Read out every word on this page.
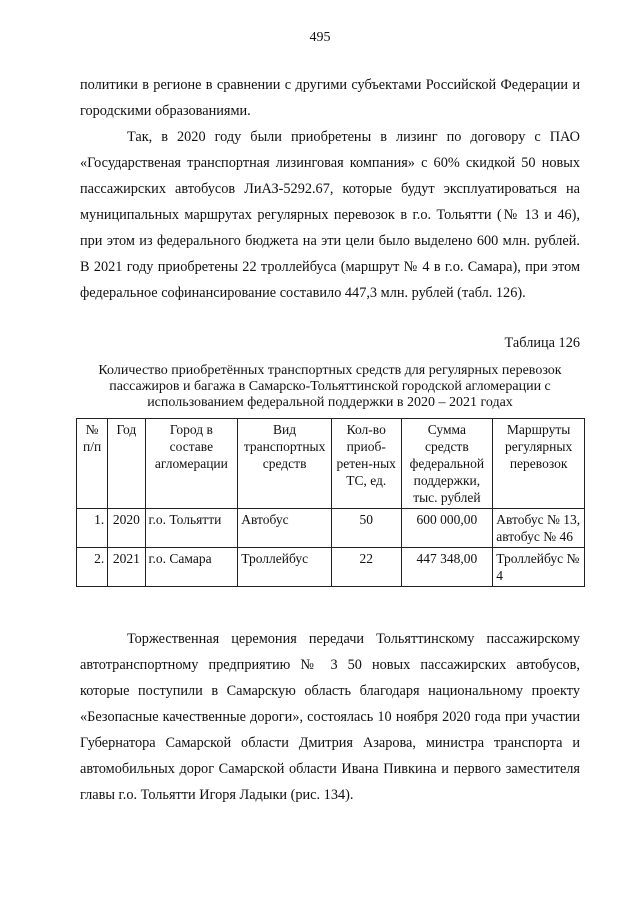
495

политики в регионе в сравнении с другими субъектами Российской Федерации и городскими образованиями.

Так, в 2020 году были приобретены в лизинг по договору с ПАО «Государственая транспортная лизинговая компания» с 60% скидкой 50 новых пассажирских автобусов ЛиАЗ-5292.67, которые будут эксплуатироваться на муниципальных маршрутах регулярных перевозок в г.о. Тольятти (№ 13 и 46), при этом из федерального бюджета на эти цели было выделено 600 млн. рублей. В 2021 году приобретены 22 троллейбуса (маршрут № 4 в г.о. Самара), при этом федеральное софинансирование составило 447,3 млн. рублей (табл. 126).

Таблица 126
Количество приобретённых транспортных средств для регулярных перевозок пассажиров и багажа в Самарско-Тольяттинской городской агломерации с использованием федеральной поддержки в 2020 – 2021 годах
№ п/п	Год	Город в составе агломерации	Вид транспортных средств	Кол-во приоб-ретен-ных ТС, ед.	Сумма средств федеральной поддержки, тыс. рублей	Маршруты регулярных перевозок
1.	2020	г.о. Тольятти	Автобус	50	600 000,00	Автобус № 13, автобус № 46
2.	2021	г.о. Самара	Троллейбус	22	447 348,00	Троллейбус № 4

Торжественная церемония передачи Тольяттинскому пассажирскому автотранспортному предприятию № 3 50 новых пассажирских автобусов, которые поступили в Самарскую область благодаря национальному проекту «Безопасные качественные дороги», состоялась 10 ноября 2020 года при участии Губернатора Самарской области Дмитрия Азарова, министра транспорта и автомобильных дорог Самарской области Ивана Пивкина и первого заместителя главы г.о. Тольятти Игоря Ладыки (рис. 134).
